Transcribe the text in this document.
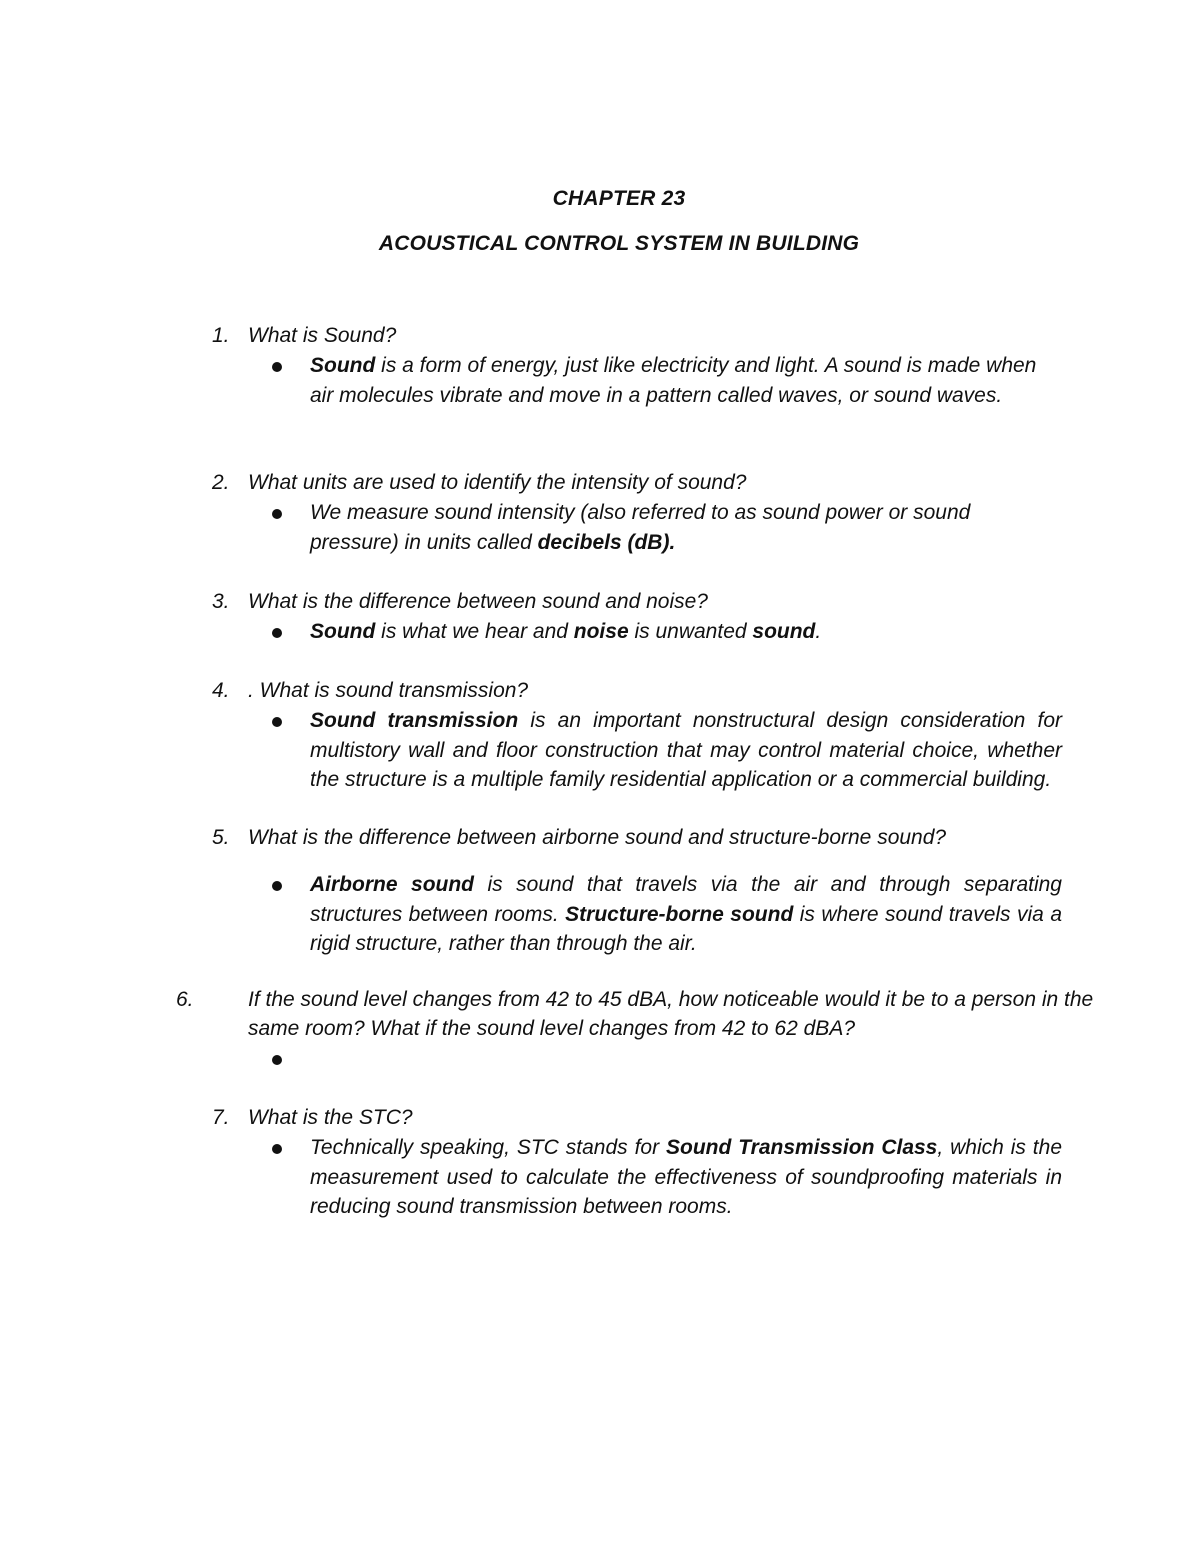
CHAPTER 23
ACOUSTICAL CONTROL SYSTEM IN BUILDING
1. What is Sound?
Sound is a form of energy, just like electricity and light. A sound is made when air molecules vibrate and move in a pattern called waves, or sound waves.
2. What units are used to identify the intensity of sound?
We measure sound intensity (also referred to as sound power or sound pressure) in units called decibels (dB).
3. What is the difference between sound and noise?
Sound is what we hear and noise is unwanted sound.
4. . What is sound transmission?
Sound transmission is an important nonstructural design consideration for multistory wall and floor construction that may control material choice, whether the structure is a multiple family residential application or a commercial building.
5. What is the difference between airborne sound and structure-borne sound?
Airborne sound is sound that travels via the air and through separating structures between rooms. Structure-borne sound is where sound travels via a rigid structure, rather than through the air.
6.	If the sound level changes from 42 to 45 dBA, how noticeable would it be to a person in the same room? What if the sound level changes from 42 to 62 dBA?
7. What is the STC?
Technically speaking, STC stands for Sound Transmission Class, which is the measurement used to calculate the effectiveness of soundproofing materials in reducing sound transmission between rooms.
